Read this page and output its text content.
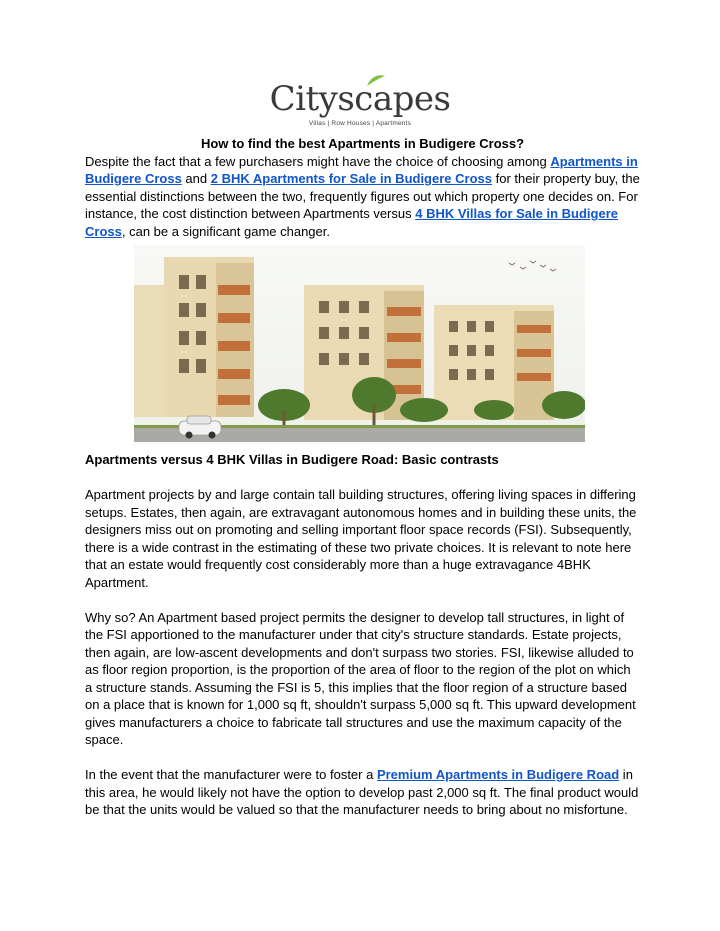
Cityscapes
Villas | Row Houses | Apartments
How to find the best Apartments in Budigere Cross?

Despite the fact that a few purchasers might have the choice of choosing among Apartments in Budigere Cross and 2 BHK Apartments for Sale in Budigere Cross for their property buy, the essential distinctions between the two, frequently figures out which property one decides on. For instance, the cost distinction between Apartments versus 4 BHK Villas for Sale in Budigere Cross, can be a significant game changer.

Apartments versus 4 BHK Villas in Budigere Road: Basic contrasts

Apartment projects by and large contain tall building structures, offering living spaces in differing setups. Estates, then again, are extravagant autonomous homes and in building these units, the designers miss out on promoting and selling important floor space records (FSI). Subsequently, there is a wide contrast in the estimating of these two private choices. It is relevant to note here that an estate would frequently cost considerably more than a huge extravagance 4BHK Apartment.

Why so? An Apartment based project permits the designer to develop tall structures, in light of the FSI apportioned to the manufacturer under that city's structure standards. Estate projects, then again, are low-ascent developments and don't surpass two stories. FSI, likewise alluded to as floor region proportion, is the proportion of the area of floor to the region of the plot on which a structure stands. Assuming the FSI is 5, this implies that the floor region of a structure based on a place that is known for 1,000 sq ft, shouldn't surpass 5,000 sq ft. This upward development gives manufacturers a choice to fabricate tall structures and use the maximum capacity of the space.

In the event that the manufacturer were to foster a Premium Apartments in Budigere Road in this area, he would likely not have the option to develop past 2,000 sq ft. The final product would be that the units would be valued so that the manufacturer needs to bring about no misfortune.
